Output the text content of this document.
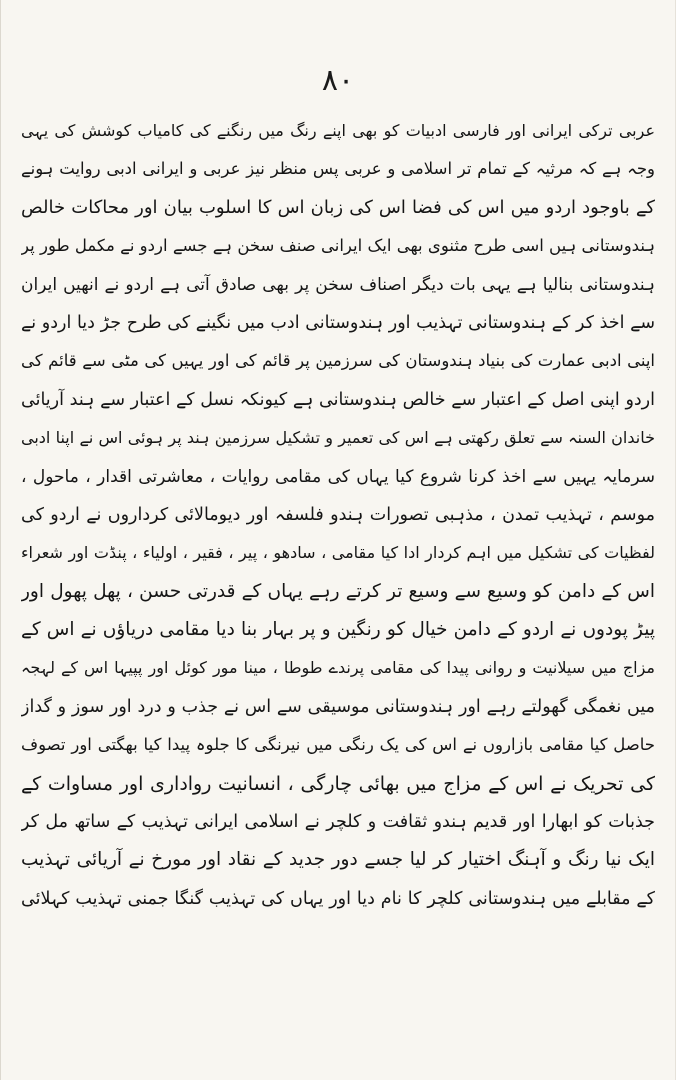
۸۰
عربی ترکی ایرانی اور فارسی ادبیات کو بھی اپنے رنگ میں رنگنے کی کامیاب کوشش کی یہی
وجہ ہے کہ مرثیہ کے تمام تر اسلامی و عربی پس منظر نیز عربی و ایرانی ادبی روایت ہونے
کے باوجود اردو میں اس کی فضا اس کی زبان اس کا اسلوب بیان اور محاکات خالص
ہندوستانی ہیں اسی طرح مثنوی بھی ایک ایرانی صنف سخن ہے جسے اردو نے مکمل طور پر
ہندوستانی بنالیا ہے یہی بات دیگر اصناف سخن پر بھی صادق آتی ہے اردو نے انھیں ایران
سے اخذ کر کے ہندوستانی تہذیب اور ہندوستانی ادب میں نگینے کی طرح جڑ دیا اردو نے
اپنی ادبی عمارت کی بنیاد ہندوستان کی سرزمین پر قائم کی اور یہیں کی مٹی سے قائم کی
اردو اپنی اصل کے اعتبار سے خالص ہندوستانی ہے کیونکہ نسل کے اعتبار سے ہند آریائی
خاندان السنہ سے تعلق رکھتی ہے اس کی تعمیر و تشکیل سرزمین ہند پر ہوئی اس نے اپنا ادبی
سرمایہ یہیں سے اخذ کرنا شروع کیا یہاں کی مقامی روایات ، معاشرتی اقدار ، ماحول ،
موسم ، تہذیب تمدن ، مذہبی تصورات ہندو فلسفہ اور دیومالائی کرداروں نے اردو کی
لفظیات کی تشکیل میں اہم کردار ادا کیا مقامی ، سادھو ، پیر ، فقیر ، اولیاء ، پنڈت اور شعراء
اس کے دامن کو وسیع سے وسیع تر کرتے رہے یہاں کے قدرتی حسن ، پھل پھول اور
پیڑ پودوں نے اردو کے دامن خیال کو رنگین و پر بہار بنا دیا مقامی دریاؤں نے اس کے
مزاج میں سیلانیت و روانی پیدا کی مقامی پرندے طوطا ، مینا مور کوئل اور پپیہا اس کے لہجہ
میں نغمگی گھولتے رہے اور ہندوستانی موسیقی سے اس نے جذب و درد اور سوز و گداز
حاصل کیا مقامی بازاروں نے اس کی یک رنگی میں نیرنگی کا جلوہ پیدا کیا بھگتی اور تصوف
کی تحریک نے اس کے مزاج میں بھائی چارگی ، انسانیت رواداری اور مساوات کے
جذبات کو ابھارا اور قدیم ہندو ثقافت و کلچر نے اسلامی ایرانی تہذیب کے ساتھ مل کر
ایک نیا رنگ و آہنگ اختیار کر لیا جسے دور جدید کے نقاد اور مورخ نے آریائی تہذیب
کے مقابلے میں ہندوستانی کلچر کا نام دیا اور یہاں کی تہذیب گنگا جمنی تہذیب کہلائی
